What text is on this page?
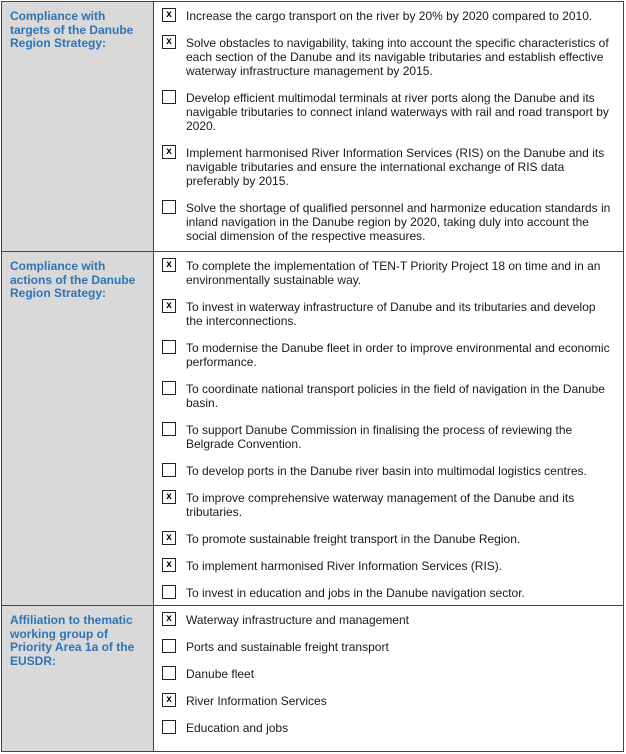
Compliance with targets of the Danube Region Strategy:	
x	Increase the cargo transport on the river by 20% by 2020 compared to 2010.
x	Solve obstacles to navigability, taking into account the specific characteristics of each section of the Danube and its navigable tributaries and establish effective waterway infrastructure management by 2015.
Develop efficient multimodal terminals at river ports along the Danube and its navigable tributaries to connect inland waterways with rail and road transport by 2020.
x	Implement harmonised River Information Services (RIS) on the Danube and its navigable tributaries and ensure the international exchange of RIS data preferably by 2015.
Solve the shortage of qualified personnel and harmonize education standards in inland navigation in the Danube region by 2020, taking duly into account the social dimension of the respective measures.

Compliance with actions of the Danube Region Strategy:	
x	To complete the implementation of TEN-T Priority Project 18 on time and in an environmentally sustainable way.
x	To invest in waterway infrastructure of Danube and its tributaries and develop the interconnections.
To modernise the Danube fleet in order to improve environmental and economic performance.
To coordinate national transport policies in the field of navigation in the Danube basin.
To support Danube Commission in finalising the process of reviewing the Belgrade Convention.
To develop ports in the Danube river basin into multimodal logistics centres.
x	To improve comprehensive waterway management of the Danube and its tributaries.
x	To promote sustainable freight transport in the Danube Region.
x	To implement harmonised River Information Services (RIS).
To invest in education and jobs in the Danube navigation sector.

Affiliation to thematic working group of Priority Area 1a of the EUSDR:	
x	Waterway infrastructure and management
Ports and sustainable freight transport
Danube fleet
x	River Information Services
Education and jobs
